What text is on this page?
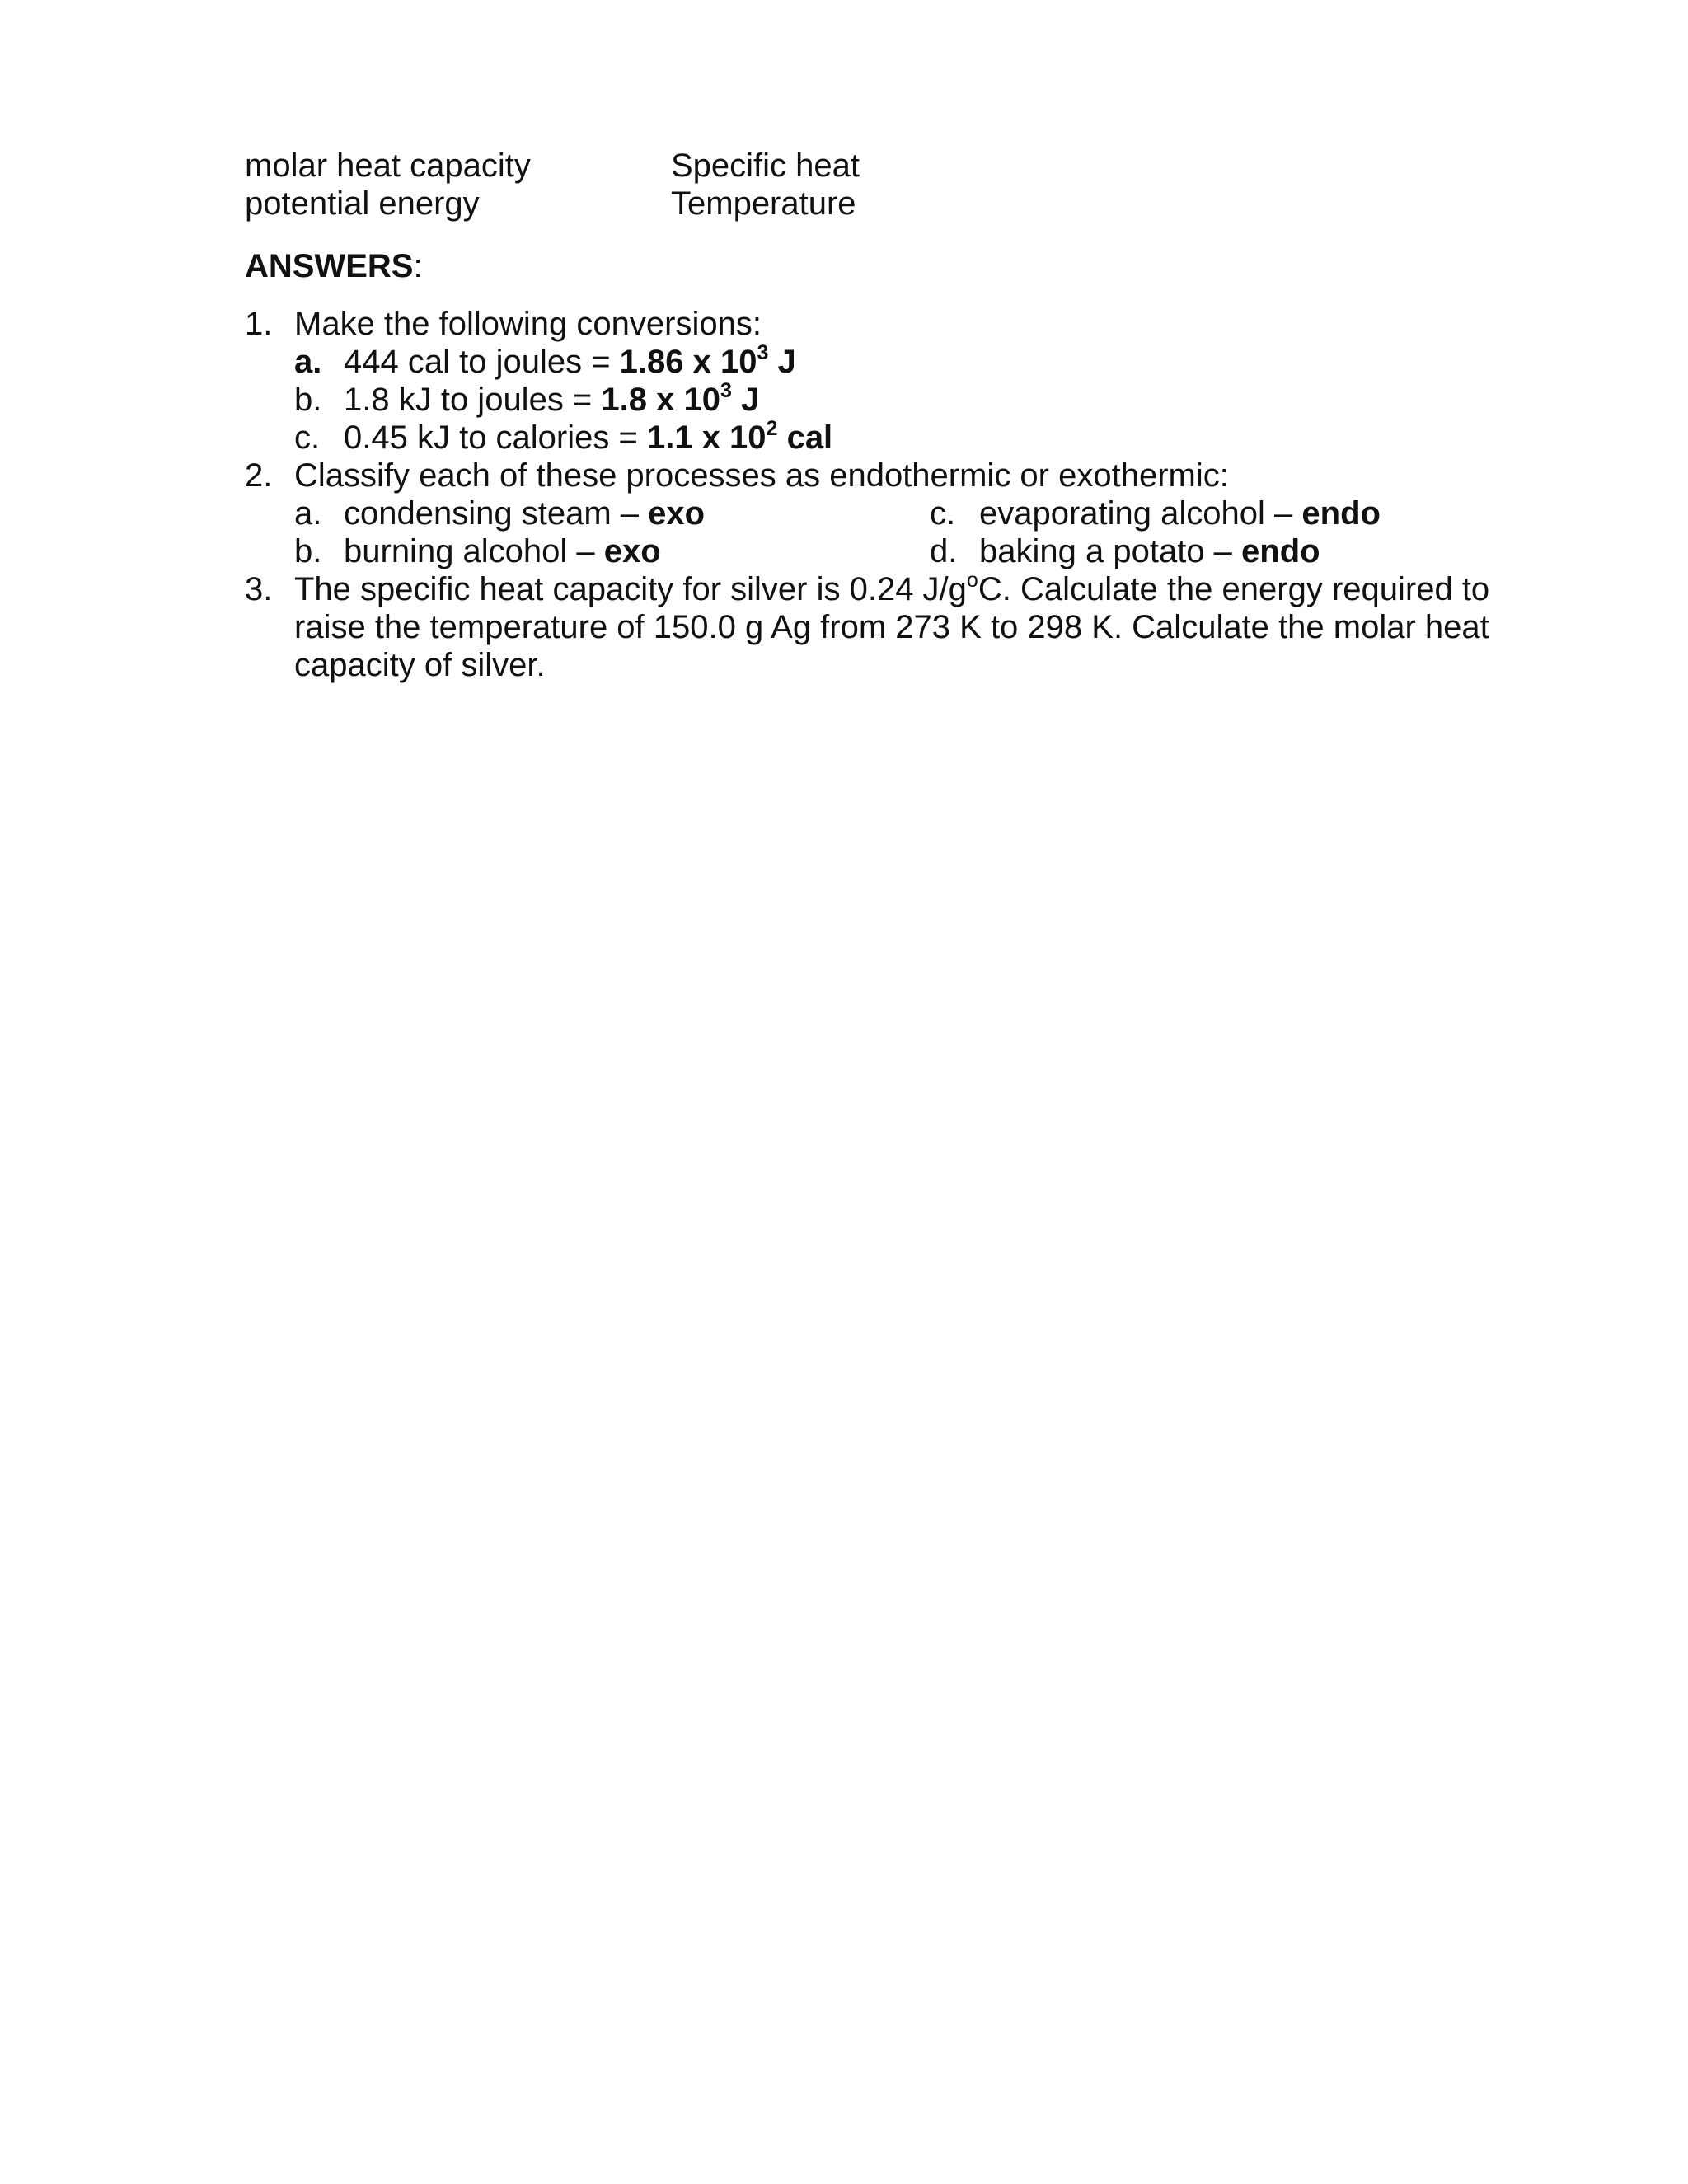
molar heat capacity
potential energy
Specific heat
Temperature
ANSWERS:
1. Make the following conversions:
a. 444 cal to joules = 1.86 x $10^3$ J
b. 1.8 kJ to joules = 1.8 x $10^3$ J
c. 0.45 kJ to calories = 1.1 x $10^2$ cal
2. Classify each of these processes as endothermic or exothermic:
a. condensing steam – exo
b. burning alcohol – exo
c. evaporating alcohol – endo
d. baking a potato – endo
3. The specific heat capacity for silver is 0.24 $J/g^oC$. Calculate the energy required to
raise the temperature of 150.0 g Ag from 273 K to 298 K. Calculate the molar heat
capacity of silver.
